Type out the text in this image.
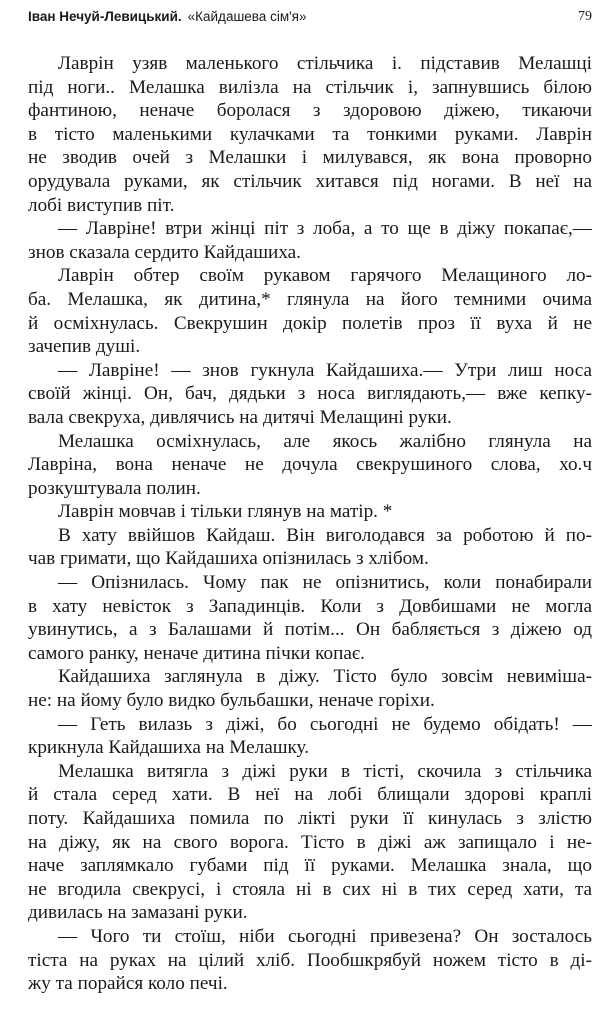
Іван Нечуй-Левицький. «Кайдашева сім'я»	79
Лаврін узяв маленького стільчика і. підставив Мелашці
під ноги.. Мелашка вилізла на стільчик і, запнувшись білою
фантиною, неначе боролася з здоровою діжею, тикаючи
в тісто маленькими кулачками та тонкими руками. Лаврін
не зводив очей з Мелашки і милувався, як вона проворно
орудувала руками, як стільчик хитався під ногами. В неї на
лобі виступив піт.
— Лавріне! втри жінці піт з лоба, а то ще в діжу покапає,—
знов сказала сердито Кайдашиха.
Лаврін обтер своїм рукавом гарячого Мелащиного ло-
ба. Мелашка, як дитина,* глянула на його темними очима
й осміхнулась. Свекрушин докір полетів проз її вуха й не
зачепив душі.
— Лавріне! — знов гукнула Кайдашиха.— Утри лиш носа
своїй жінці. Он, бач, дядьки з носа виглядають,— вже кепку-
вала свекруха, дивлячись на дитячі Мелащині руки.
Мелашка осміхнулась, але якось жалібно глянула на
Лавріна, вона неначе не дочула свекрушиного слова, хо.ч
розкуштувала полин.
Лаврін мовчав і тільки глянув на матір. *
В хату ввійшов Кайдаш. Він виголодався за роботою й по-
чав гримати, що Кайдашиха опізнилась з хлібом.
— Опізнилась. Чому пак не опізнитись, коли понабирали
в хату невісток з Западинців. Коли з Довбишами не могла
увинутись, а з Балашами й потім... Он бабляється з діжею од
самого ранку, неначе дитина пічки копає.
Кайдашиха заглянула в діжу. Тісто було зовсім невиміша-
не: на йому було видко бульбашки, неначе горіхи.
— Геть вилазь з діжі, бо сьогодні не будемо обідать! —
крикнула Кайдашиха на Мелашку.
Мелашка витягла з діжі руки в тісті, скочила з стільчика
й стала серед хати. В неї на лобі блищали здорові краплі
поту. Кайдашиха помила по лікті руки її кинулась з злістю
на діжу, як на свого ворога. Тісто в діжі аж запищало і не-
наче заплямкало губами під її руками. Мелашка знала, що
не вгодила свекрусі, і стояла ні в сих ні в тих серед хати, та
дивилась на замазані руки.
— Чого ти стоїш, ніби сьогодні привезена? Он зосталось
тіста на руках на цілий хліб. Пообшкрябуй ножем тісто в ді-
жу та порайся коло печі.
